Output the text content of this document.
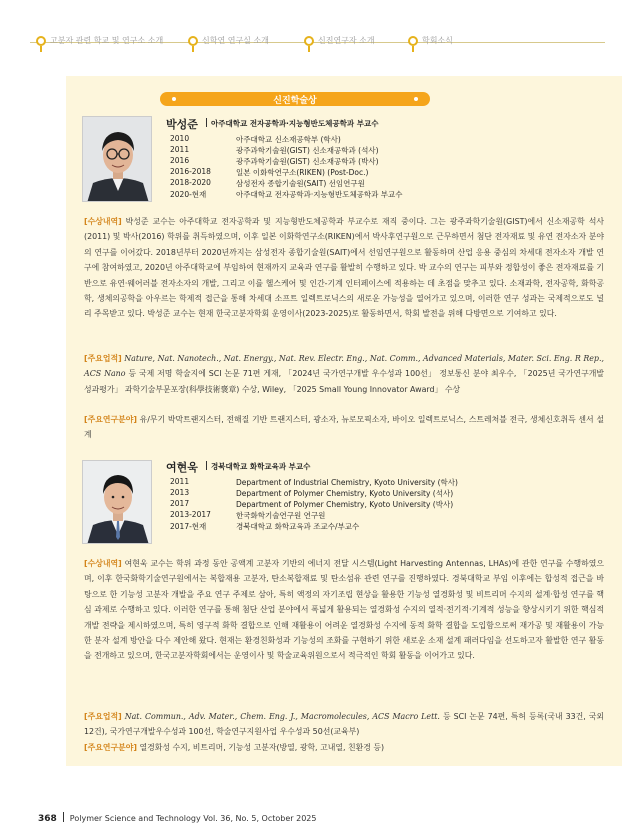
고분자 관련 학교 및 연구소 소개	신학연 연구실 소개	신진연구자 소개	학회소식
신진학술상
박성준 아주대학교 전자공학과·지능형반도체공학과 부교수
2010	아주대학교 신소재공학부 (학사)
2011	광주과학기술원(GIST) 신소재공학과 (석사)
2016	광주과학기술원(GIST) 신소재공학과 (박사)
2016-2018	일본 이화학연구소(RIKEN) (Post-Doc.)
2018-2020	삼성전자 종합기술원(SAIT) 선임연구원
2020-현재	아주대학교 전자공학과·지능형반도체공학과 부교수
[수상내역] 박성준 교수는 아주대학교 전자공학과 및 지능형반도체공학과 부교수로 재직 중이다. 그는 광주과학기술원(GIST)에서 신소재공학 석사(2011) 및 박사(2016) 학위를 취득하였으며, 이후 일본 이화학연구소(RIKEN)에서 박사후연구원으로 근무하면서 첨단 전자재료 및 유연 전자소자 분야의 연구를 이어갔다. 2018년부터 2020년까지는 삼성전자 종합기술원(SAIT)에서 선임연구원으로 활동하며 산업 응용 중심의 차세대 전자소자 개발 연구에 참여하였고, 2020년 아주대학교에 부임하여 현재까지 교육과 연구를 활발히 수행하고 있다. 박 교수의 연구는 피부와 정합성이 좋은 전자재료를 기반으로 유연·웨어러블 전자소자의 개발, 그리고 이를 헬스케어 및 인간-기계 인터페이스에 적용하는 데 초점을 맞추고 있다. 소재과학, 전자공학, 화학공학, 생체의공학을 아우르는 학제적 접근을 통해 차세대 소프트 일렉트로닉스의 새로운 가능성을 열어가고 있으며, 이러한 연구 성과는 국제적으로도 널리 주목받고 있다. 박성준 교수는 현재 한국고분자학회 운영이사(2023-2025)로 활동하면서, 학회 발전을 위해 다방면으로 기여하고 있다.
[주요업적] Nature, Nat. Nanotech., Nat. Energy., Nat. Rev. Electr. Eng., Nat. Comm., Advanced Materials, Mater. Sci. Eng. R Rep., ACS Nano 등 국제 저명 학술지에 SCI 논문 71편 게재, 「2024년 국가연구개발 우수성과 100선」 정보통신 분야 최우수, 「2025년 국가연구개발 성과평가」 과학기술부문포장(科學技術褒章) 수상, Wiley, 「2025 Small Young Innovator Award」 수상
[주요연구분야] 유/무기 박막트랜지스터, 전해질 기반 트랜지스터, 광소자, 뉴로모픽소자, 바이오 일렉트로닉스, 스트레처블 전극, 생체신호취득 센서 설계
여현욱 경북대학교 화학교육과 부교수
2011	Department of Industrial Chemistry, Kyoto University (학사)
2013	Department of Polymer Chemistry, Kyoto University (석사)
2017	Department of Polymer Chemistry, Kyoto University (박사)
2013-2017	한국화학기술연구원 연구원
2017-현재	경북대학교 화학교육과 조교수/부교수
[수상내역] 여현욱 교수는 학위 과정 동안 공액계 고분자 기반의 에너지 전달 시스템(Light Harvesting Antennas, LHAs)에 관한 연구를 수행하였으며, 이후 한국화학기술연구원에서는 복합재용 고분자, 탄소복합재료 및 탄소섬유 관련 연구를 진행하였다. 경북대학교 부임 이후에는 합성적 접근을 바탕으로 한 기능성 고분자 개발을 주요 연구 주제로 삼아, 특히 액정의 자기조립 현상을 활용한 기능성 열경화성 및 비트리머 수지의 설계·합성 연구를 핵심 과제로 수행하고 있다. 이러한 연구를 통해 첨단 산업 분야에서 폭넓게 활용되는 열경화성 수지의 열적·전기적·기계적 성능을 향상시키기 위한 핵심적 개발 전략을 제시하였으며, 특히 영구적 화학 결합으로 인해 재활용이 어려운 열경화성 수지에 동적 화학 결합을 도입함으로써 재가공 및 재활용이 가능한 분자 설계 방안을 다수 제안해 왔다. 현재는 환경친화성과 기능성의 조화를 구현하기 위한 새로운 소재 설계 패러다임을 선도하고자 활발한 연구 활동을 전개하고 있으며, 한국고분자학회에서는 운영이사 및 학술교육위원으로서 적극적인 학회 활동을 이어가고 있다.
[주요업적] Nat. Commun., Adv. Mater., Chem. Eng. J., Macromolecules, ACS Macro Lett. 등 SCI 논문 74편, 특허 등록(국내 33건, 국외 12건), 국가연구개발우수성과 100선, 학술연구지원사업 우수성과 50선(교육부)
[주요연구분야] 열경화성 수지, 비트리머, 기능성 고분자(방열, 광학, 고내열, 친환경 등)
368 Polymer Science and Technology Vol. 36, No. 5, October 2025
